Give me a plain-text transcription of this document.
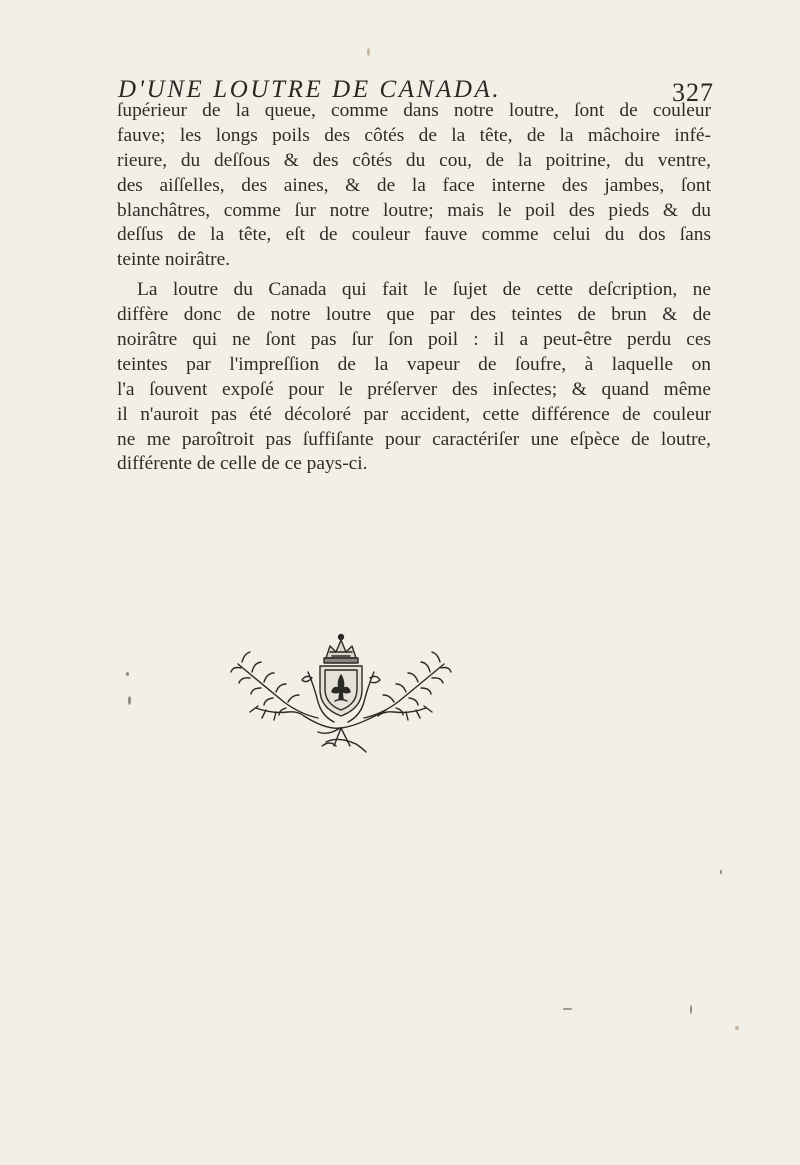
D'UNE LOUTRE DE CANADA.	327
ſupérieur de la queue, comme dans notre loutre, ſont de couleur
fauve; les longs poils des côtés de la tête, de la mâchoire infé-
rieure, du deſſous & des côtés du cou, de la poitrine, du ventre,
des aiſſelles, des aines, & de la face interne des jambes, ſont
blanchâtres, comme ſur notre loutre; mais le poil des pieds & du
deſſus de la tête, eſt de couleur fauve comme celui du dos ſans
teinte noirâtre.
La loutre du Canada qui fait le ſujet de cette deſcription, ne
diffère donc de notre loutre que par des teintes de brun & de
noirâtre qui ne ſont pas ſur ſon poil : il a peut-être perdu ces
teintes par l'impreſſion de la vapeur de ſoufre, à laquelle on
l'a ſouvent expoſé pour le préſerver des inſectes; & quand même
il n'auroit pas été décoloré par accident, cette différence de couleur
ne me paroîtroit pas ſuffiſante pour caractériſer une eſpèce de loutre,
différente de celle de ce pays-ci.
